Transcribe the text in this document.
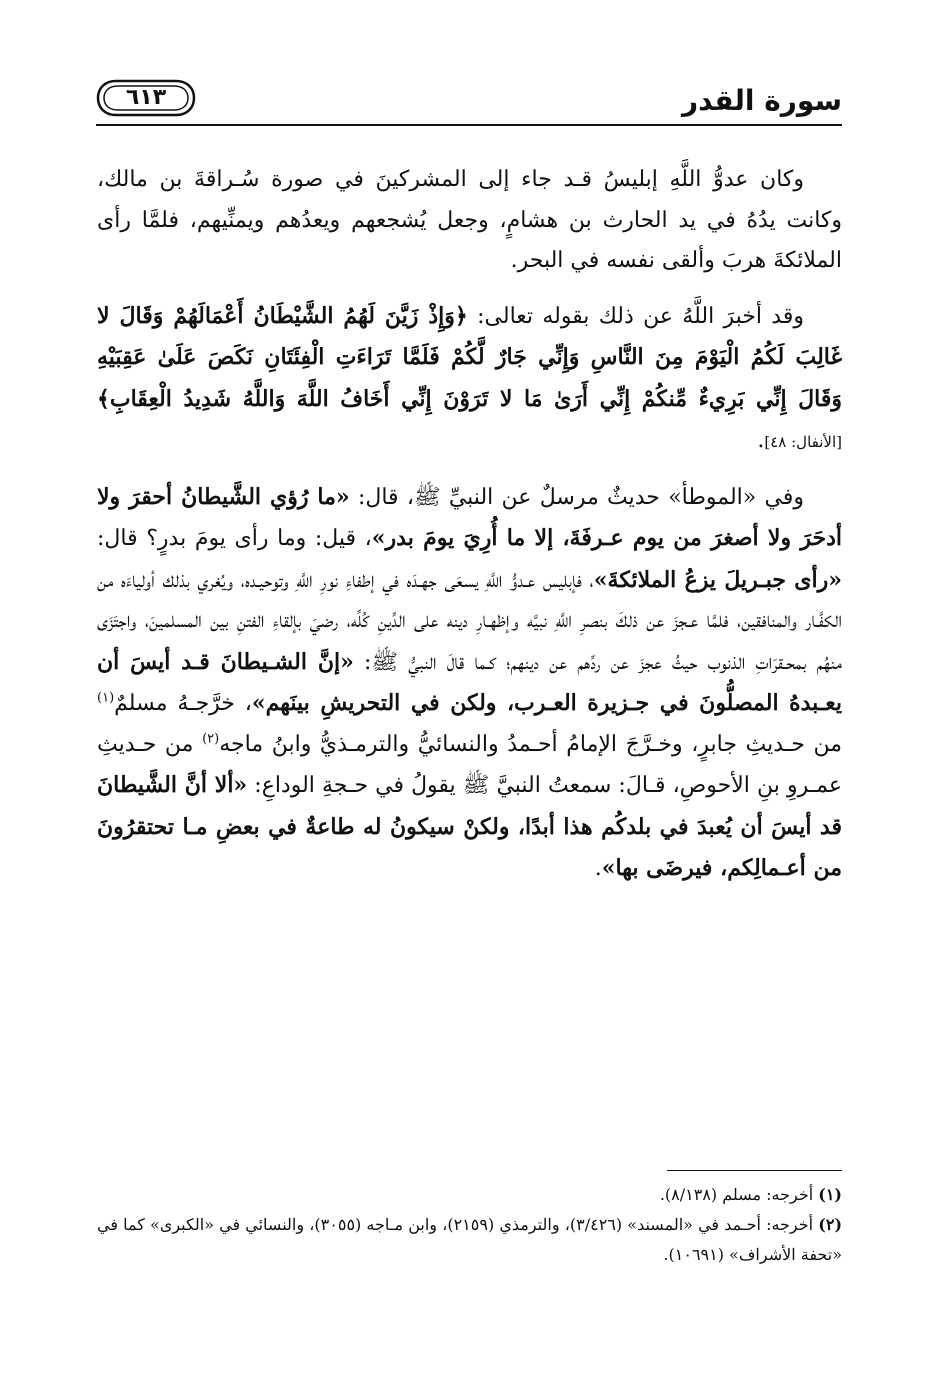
سورة القدر
٦١٣

وكان عدوُّ اللَّهِ إبليسُ قـد جاء إلى المشركينَ في صورة سُـراقةَ بن مالك، وكانت يدُهُ في يد الحارث بن هشامٍ، وجعل يُشجعهم ويعدُهم ويمنِّيهم، فلمَّا رأى الملائكةَ هربَ وألقى نفسه في البحر.

وقد أخبرَ اللَّهُ عن ذلك بقوله تعالى: ﴿وَإِذْ زَيَّنَ لَهُمُ الشَّيْطَانُ أَعْمَالَهُمْ وَقَالَ لا غَالِبَ لَكُمُ الْيَوْمَ مِنَ النَّاسِ وَإِنِّي جَارٌ لَّكُمْ فَلَمَّا تَرَاءَتِ الْفِئَتَانِ نَكَصَ عَلَىٰ عَقِبَيْهِ وَقَالَ إِنِّي بَرِيءٌ مِّنكُمْ إِنِّي أَرَىٰ مَا لا تَرَوْنَ إِنِّي أَخَافُ اللَّهَ وَاللَّهُ شَدِيدُ الْعِقَابِ﴾ [الأنفال: ٤٨].

وفي «الموطأ» حديثٌ مرسلٌ عن النبيِّ ﷺ، قال: «ما رُؤي الشَّيطانُ أحقرَ ولا أدحَرَ ولا أصغرَ من يوم عـرفَةَ، إلا ما أُرِيَ يومَ بدر»، قيل: وما رأى يومَ بدرٍ؟ قال: «رأى جبـريلَ يزعُ الملائكةَ»، فإبليس عـدوُّ اللَّهِ يسعَى جهـدَه في إطفاءِ نورِ اللَّهِ وتوحيـده، ويُغري بذلك أولياءَه من الكفَّـار والمنافقين، فلمَّا عـجزَ عن ذلكَ بنصرِ اللَّهِ نبيَّه وإظهـارِ دينه على الدِّينِ كُلِّه، رضيَ بإلقاءِ الفتنِ بين المسلمينَ، واجتَزَى منهُم بمحـقرَاتِ الذنوب حيثُ عجزَ عن ردِّهم عن دينهم؛ كـما قالَ النبيُّ ﷺ: «إنَّ الشـيطانَ قـد أيسَ أن يعـبدهُ المصلُّونَ في جـزيرة العـرب، ولكن في التحريشِ بينَهم»، خرَّجـهُ مسلمٌ$^{(١)}$ من حـديثِ جابرٍ، وخـرَّجَ الإمامُ أحـمدُ والنسائيُّ والترمـذيُّ وابنُ ماجه$^{(٢)}$ من حـديثِ عمـروِ بنِ الأحوصِ، قـالَ: سمعتُ النبيَّ ﷺ يقولُ في حـجةِ الوداعِ: «ألا أنَّ الشَّيطانَ قد أيسَ أن يُعبدَ في بلدكُم هذا أبدًا، ولكنْ سيكونُ له طاعةٌ في بعضِ مـا تحتقرُونَ من أعـمالِكم، فيرضَى بها».

(١) أخرجه: مسلم (٨/١٣٨).

(٢) أخرجه: أحـمد في «المسند» (٣/٤٢٦)، والترمذي (٢١٥٩)، وابن مـاجه (٣٠٥٥)، والنسائي في «الكبرى» كما في «تحفة الأشراف» (١٠٦٩١).
